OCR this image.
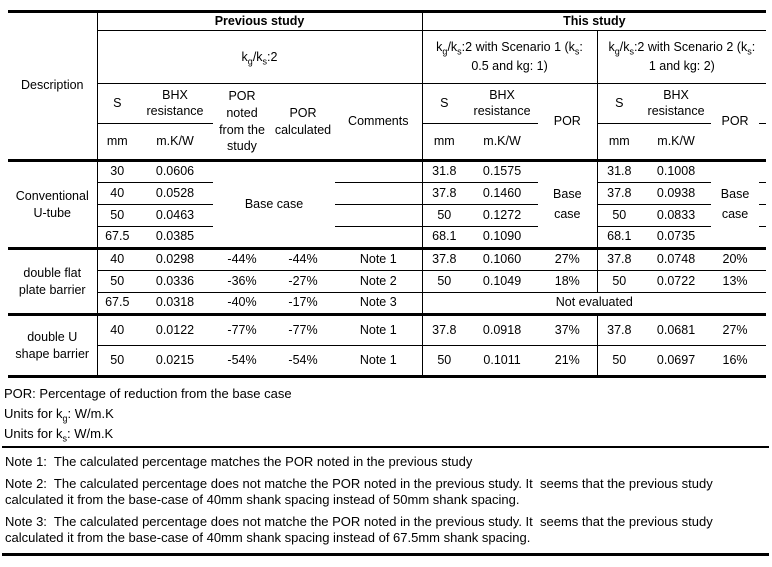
Description	Previous study					This study						
	$k_g/k_s:2$					$k_g/k_s:2$ with Scenario 1 ($k_s$: 0.5 and kg: 1)			$k_g/k_s:2$ with Scenario 2 ($k_s$: 1 and kg: 2)			
	S	BHX resistance	POR noted from the study	POR calculated	Comments	S	BHX resistance	POR	S	BHX resistance	POR	
	mm	m.K/W				mm	m.K/W		mm	m.K/W		
Conventional U-tube	30	0.0606	Base case			31.8	0.1575	Base case	31.8	0.1008	Base case	
	40	0.0528				37.8	0.1460		37.8	0.0938		
	50	0.0463				50	0.1272		50	0.0833		
	67.5	0.0385				68.1	0.1090		68.1	0.0735		
double flat plate barrier	40	0.0298	-44%	-44%	Note 1	37.8	0.1060	27%	37.8	0.0748	20%	
	50	0.0336	-36%	-27%	Note 2	50	0.1049	18%	50	0.0722	13%	
	67.5	0.0318	-40%	-17%	Note 3	Not evaluated						
double U shape barrier	40	0.0122	-77%	-77%	Note 1	37.8	0.0918	37%	37.8	0.0681	27%	
	50	0.0215	-54%	-54%	Note 1	50	0.1011	21%	50	0.0697	16%	
POR: Percentage of reduction from the base case
Units for $k_g$: W/m.K
Units for $k_s$: W/m.K
Note 1:  The calculated percentage matches the POR noted in the previous study
Note 2:  The calculated percentage does not matche the POR noted in the previous study. It  seems that the previous study
calculated it from the base-case of 40mm shank spacing instead of 50mm shank spacing.
Note 3:  The calculated percentage does not matche the POR noted in the previous study. It  seems that the previous study
calculated it from the base-case of 40mm shank spacing instead of 67.5mm shank spacing.
